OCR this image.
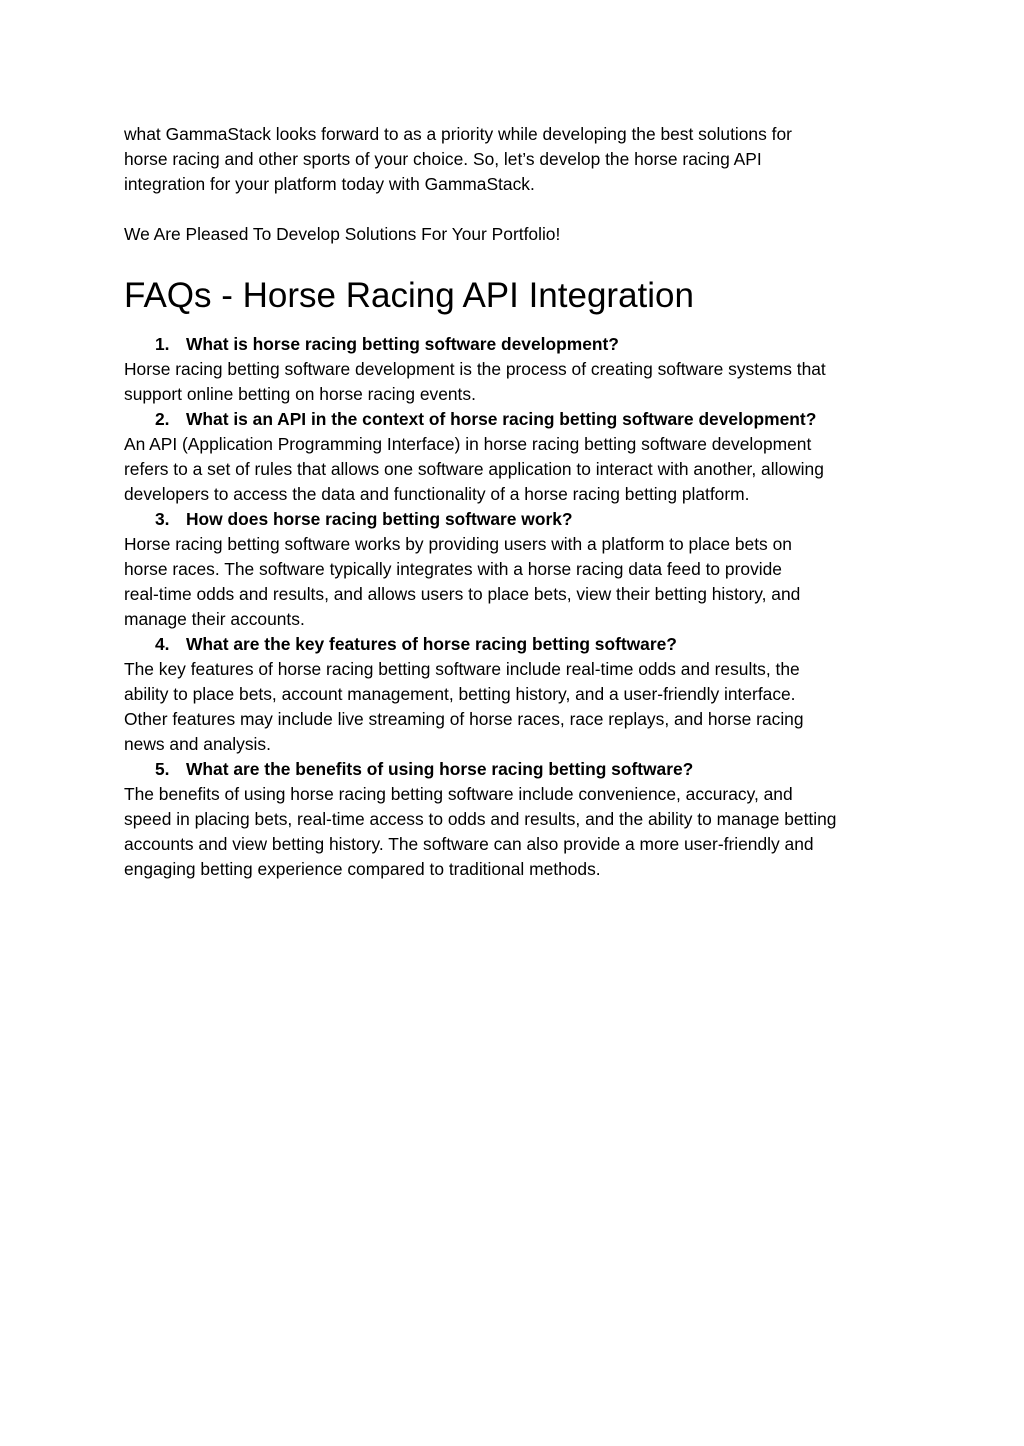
what GammaStack looks forward to as a priority while developing the best solutions for

horse racing and other sports of your choice. So, let’s develop the horse racing API

integration for your platform today with GammaStack.

We Are Pleased To Develop Solutions For Your Portfolio!

FAQs - Horse Racing API Integration

1. What is horse racing betting software development?

Horse racing betting software development is the process of creating software systems that
support online betting on horse racing events.

2. What is an API in the context of horse racing betting software development?

An API (Application Programming Interface) in horse racing betting software development
refers to a set of rules that allows one software application to interact with another, allowing
developers to access the data and functionality of a horse racing betting platform.

3. How does horse racing betting software work?

Horse racing betting software works by providing users with a platform to place bets on
horse races. The software typically integrates with a horse racing data feed to provide
real-time odds and results, and allows users to place bets, view their betting history, and
manage their accounts.

4. What are the key features of horse racing betting software?

The key features of horse racing betting software include real-time odds and results, the
ability to place bets, account management, betting history, and a user-friendly interface.
Other features may include live streaming of horse races, race replays, and horse racing
news and analysis.

5. What are the benefits of using horse racing betting software?

The benefits of using horse racing betting software include convenience, accuracy, and
speed in placing bets, real-time access to odds and results, and the ability to manage betting
accounts and view betting history. The software can also provide a more user-friendly and
engaging betting experience compared to traditional methods.
